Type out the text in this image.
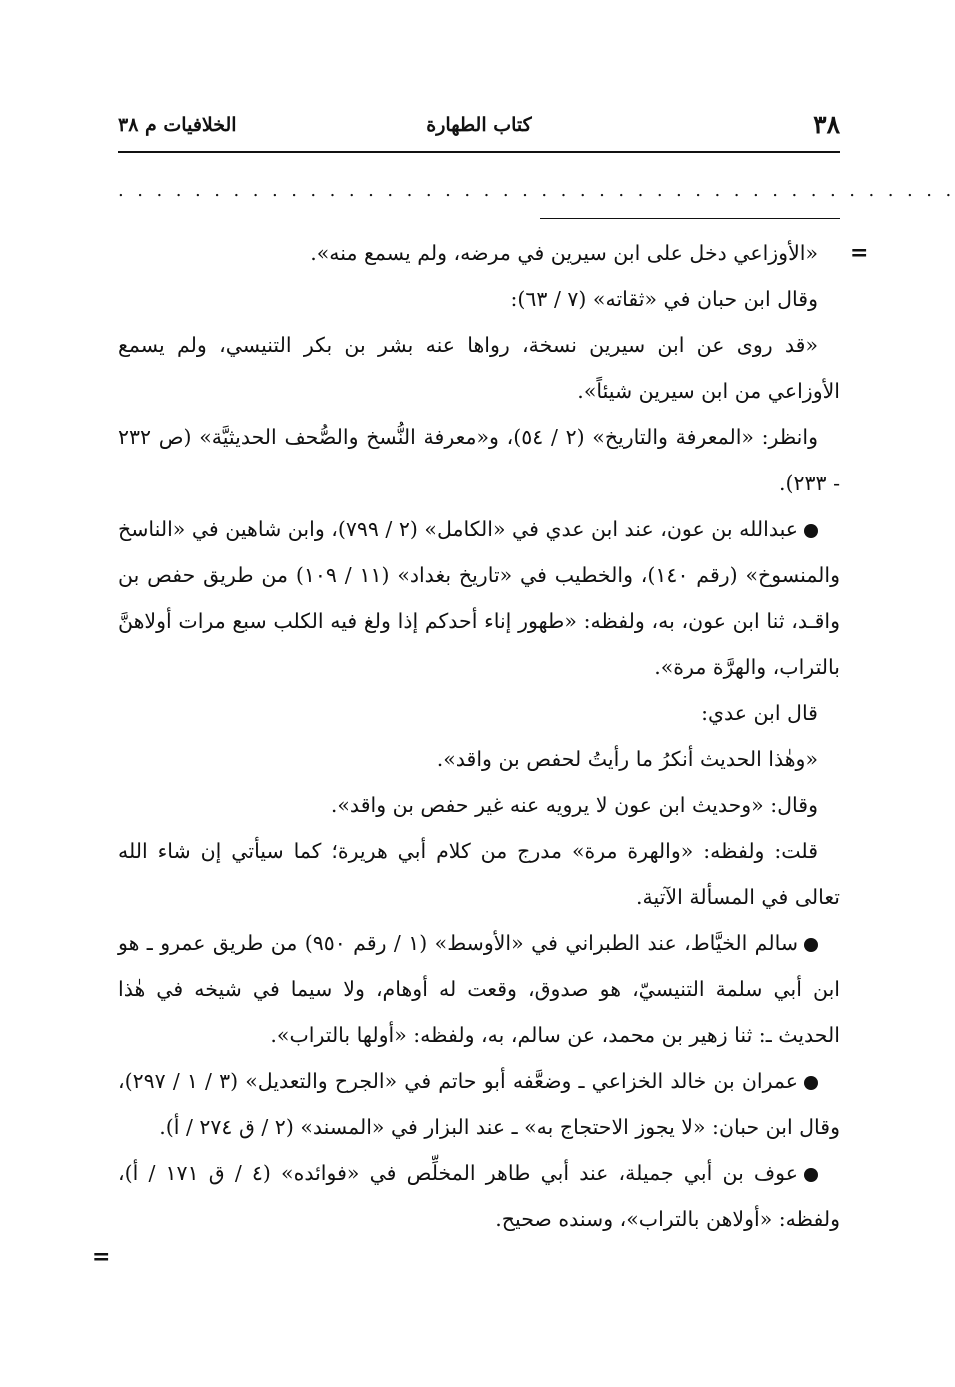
الخلافيات م ٣٨	كتاب الطهارة	٣٨
. . . . . . . . . . . . . . . . . . . . . . . . . . . . . . . . . . . . . . . . . . . .
=
=

«الأوزاعي دخل على ابن سيرين في مرضه، ولم يسمع منه».

وقال ابن حبان في «ثقاته» (٧ / ٦٣):

«قد روى عن ابن سيرين نسخة، رواها عنه بشر بن بكر التنيسي، ولم يسمع الأوزاعي من ابن سيرين شيئاً».

وانظر: «المعرفة والتاريخ» (٢ / ٥٤)، و«معرفة النُّسخ والصُّحف الحديثيَّة» (ص ٢٣٢ - ٢٣٣).

عبدالله بن عون، عند ابن عدي في «الكامل» (٢ / ٧٩٩)، وابن شاهين في «الناسخ والمنسوخ» (رقم ١٤٠)، والخطيب في «تاريخ بغداد» (١١ / ١٠٩) من طريق حفص بن واقـد، ثنا ابن عون، به، ولفظه: «طهور إناء أحدكم إذا ولغ فيه الكلب سبع مرات أولاهنَّ بالتراب، والهرَّة مرة».

قال ابن عدي:

«وهٰذا الحديث أنكرُ ما رأيتُ لحفص بن واقد».

وقال: «وحديث ابن عون لا يرويه عنه غير حفص بن واقد».

قلت: ولفظه: «والهرة مرة» مدرج من كلام أبي هريرة؛ كما سيأتي إن شاء الله تعالى في المسألة الآتية.

سالم الخيَّاط، عند الطبراني في «الأوسط» (١ / رقم ٩٥٠) من طريق عمرو ـ هو ابن أبي سلمة التنيسيّ، هو صدوق، وقعت له أوهام، ولا سيما في شيخه في هٰذا الحديث ـ: ثنا زهير بن محمد، عن سالم، به، ولفظه: «أولها بالتراب».

عمران بن خالد الخزاعي ـ وضعَّفه أبو حاتم في «الجرح والتعديل» (٣ / ١ / ٢٩٧)، وقال ابن حبان: «لا يجوز الاحتجاج به» ـ عند البزار في «المسند» (٢ / ق ٢٧٤ / أ).

عوف بن أبي جميلة، عند أبي طاهر المخلِّص في «فوائده» (٤ / ق ١٧١ / أ)، ولفظه: «أولاهن بالتراب»، وسنده صحيح.
